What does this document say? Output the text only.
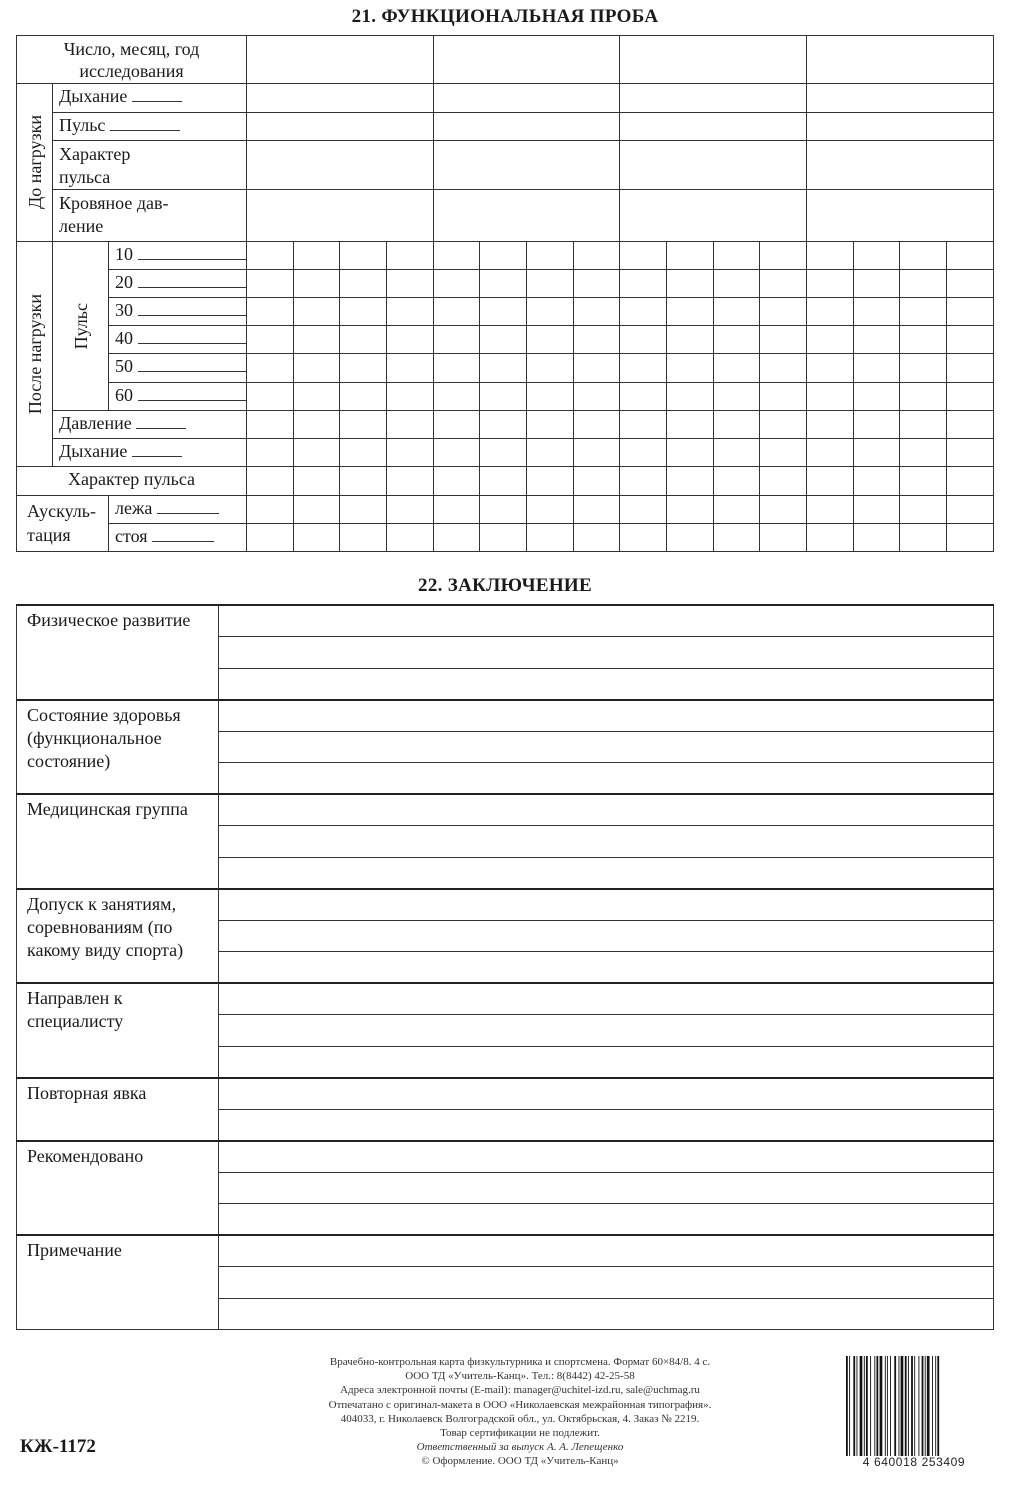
21. ФУНКЦИОНАЛЬНАЯ ПРОБА
Число, месяц, год исследования																		
До нагрузки	Дыхание																	
	Пульс																	
	Характер пульса																	
	Кровяное дав-ление																	
После нагрузки	Пульс	10																
		20																
		30																
		40																
		50																
		60																
	Давление																	
	Дыхание																	
Характер пульса																		
Аускуль-тация		лежа																
		стоя																
22. ЗАКЛЮЧЕНИЕ
Физическое развитие	

Состояние здоровья (функциональное состояние)	

Медицинская группа	

Допуск к занятиям, соревнованиям (по какому виду спорта)	

Направлен к специалисту	

Повторная явка	

Рекомендовано	

Примечание	

Врачебно-контрольная карта физкультурника и спортсмена. Формат 60×84/8. 4 с.
ООО ТД «Учитель-Канц». Тел.: 8(8442) 42-25-58
Адреса электронной почты (E-mail): manager@uchitel-izd.ru, sale@uchmag.ru
Отпечатано с оригинал-макета в ООО «Николаевская межрайонная типография».
404033, г. Николаевск Волгоградской обл., ул. Октябрьская, 4. Заказ № 2219.
Товар сертификации не подлежит.
Ответственный за выпуск А. А. Лепещенко
© Оформление. ООО ТД «Учитель-Канц»
КЖ-1172
4 640018 253409
